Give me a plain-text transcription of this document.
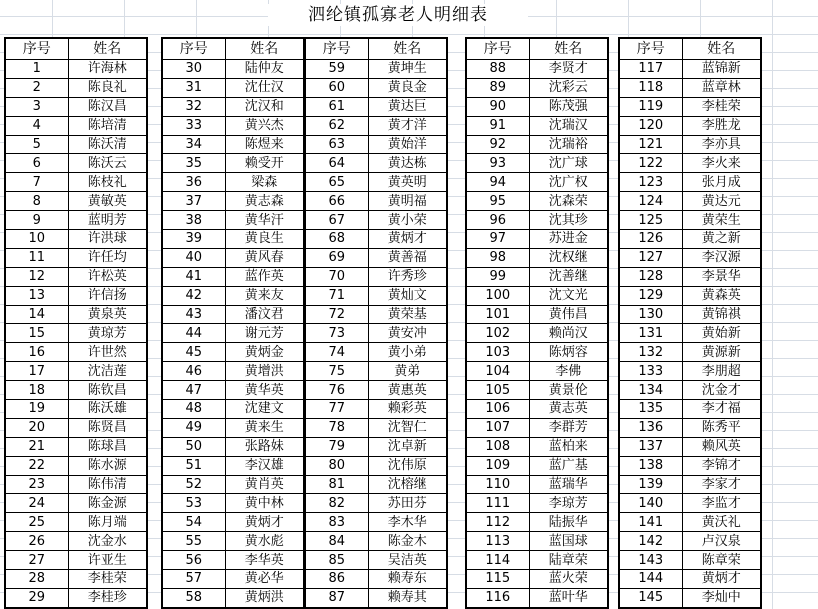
泗纶镇孤寡老人明细表
序号	姓名
1	许海林
2	陈良礼
3	陈汉昌
4	陈培清
5	陈沃清
6	陈沃云
7	陈枝礼
8	黄敏英
9	蓝明芳
10	许洪球
11	许任均
12	许松英
13	许信扬
14	黄泉英
15	黄琼芳
16	许世然
17	沈洁莲
18	陈钦昌
19	陈沃雄
20	陈贤昌
21	陈球昌
22	陈水源
23	陈伟清
24	陈金源
25	陈月端
26	沈金水
27	许亚生
28	李桂荣
29	李桂珍
序号	姓名
30	陆仲友
31	沈仕汉
32	沈汉和
33	黄兴杰
34	陈煜来
35	赖受开
36	梁森
37	黄志森
38	黄华汗
39	黄良生
40	黄风春
41	蓝作英
42	黄来友
43	潘汶君
44	谢元芳
45	黄炳金
46	黄增洪
47	黄华英
48	沈建文
49	黄来生
50	张路妹
51	李汉雄
52	黄肖英
53	黄中林
54	黄炳才
55	黄水彪
56	李华英
57	黄必华
58	黄炳洪
序号	姓名
59	黄坤生
60	黄良金
61	黄达巨
62	黄才洋
63	黄始洋
64	黄达栋
65	黄英明
66	黄明福
67	黄小荣
68	黄炳才
69	黄善福
70	许秀珍
71	黄灿文
72	黄荣基
73	黄安冲
74	黄小弟
75	黄弟
76	黄惠英
77	赖彩英
78	沈智仁
79	沈卓新
80	沈伟原
81	沈榕继
82	苏田芬
83	李木华
84	陈金木
85	吴洁英
86	赖寿东
87	赖寿其
序号	姓名
88	李贤才
89	沈彩云
90	陈茂强
91	沈瑞汉
92	沈瑞裕
93	沈广球
94	沈广权
95	沈森荣
96	沈其珍
97	苏进金
98	沈权继
99	沈善继
100	沈文光
101	黄伟昌
102	赖尚汉
103	陈炳容
104	李佛
105	黄景伦
106	黄志英
107	李群芳
108	蓝柏来
109	蓝广基
110	蓝瑞华
111	李琼芳
112	陆振华
113	蓝国球
114	陆章荣
115	蓝火荣
116	蓝叶华
序号	姓名
117	蓝锦新
118	蓝章林
119	李桂荣
120	李胜龙
121	李亦具
122	李火来
123	张月成
124	黄达元
125	黄荣生
126	黄之新
127	李汉源
128	李景华
129	黄森英
130	黄锦祺
131	黄始新
132	黄源新
133	李朋超
134	沈金才
135	李才福
136	陈秀平
137	赖风英
138	李锦才
139	李家才
140	李监才
141	黄沃礼
142	卢汉泉
143	陈章荣
144	黄炳才
145	李灿中
